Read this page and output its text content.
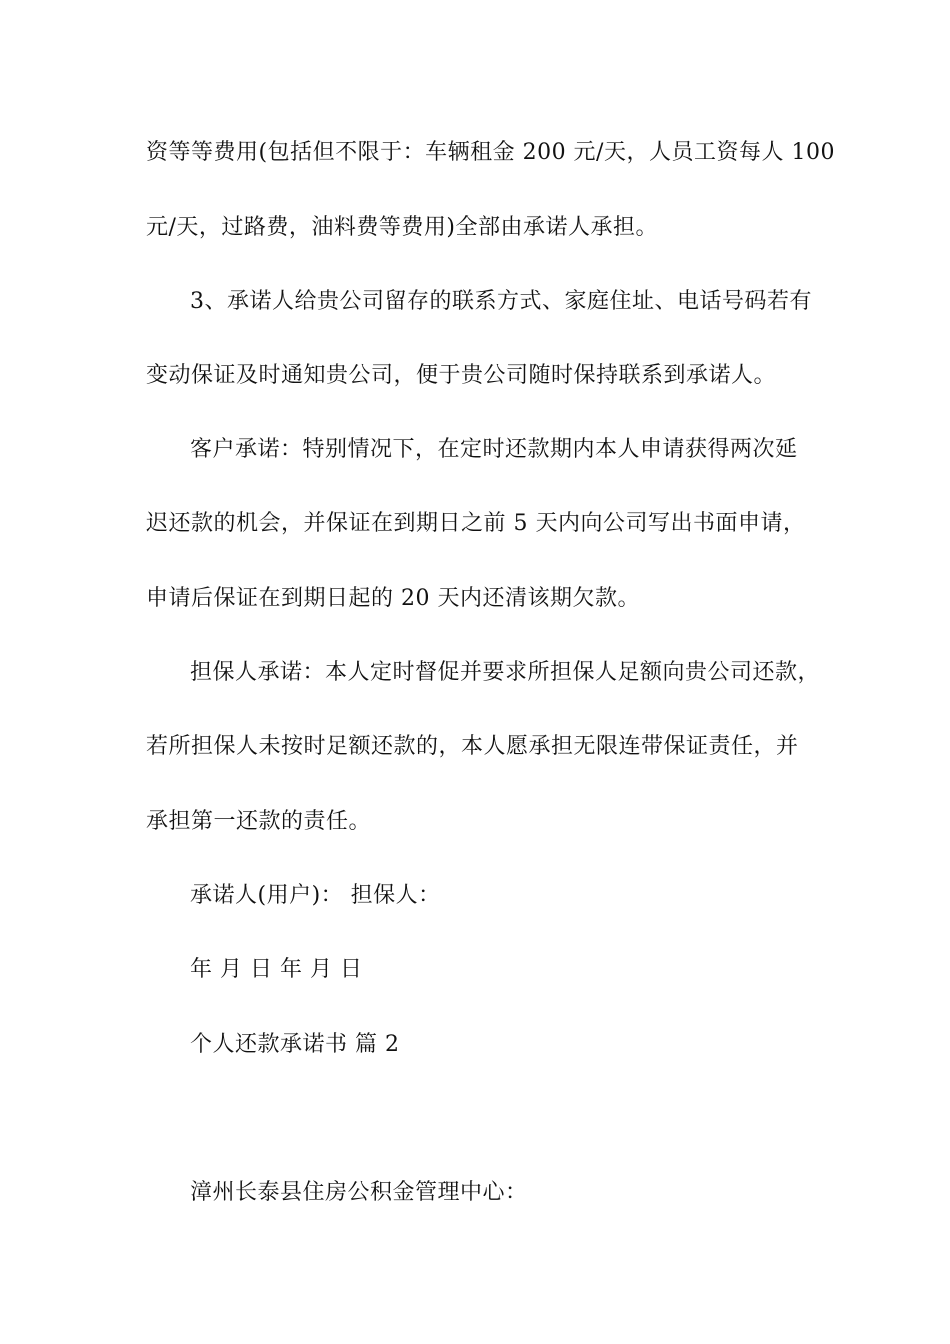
资等等费用(包括但不限于：车辆租金 200 元/天，人员工资每人 100
元/天，过路费，油料费等费用)全部由承诺人承担。
3、承诺人给贵公司留存的联系方式、家庭住址、电话号码若有
变动保证及时通知贵公司，便于贵公司随时保持联系到承诺人。
客户承诺：特别情况下，在定时还款期内本人申请获得两次延
迟还款的机会，并保证在到期日之前 5 天内向公司写出书面申请，
申请后保证在到期日起的 20 天内还清该期欠款。
担保人承诺：本人定时督促并要求所担保人足额向贵公司还款，
若所担保人未按时足额还款的，本人愿承担无限连带保证责任，并
承担第一还款的责任。
承诺人(用户)： 担保人：
年 月 日 年 月 日
个人还款承诺书 篇 2
漳州长泰县住房公积金管理中心：
